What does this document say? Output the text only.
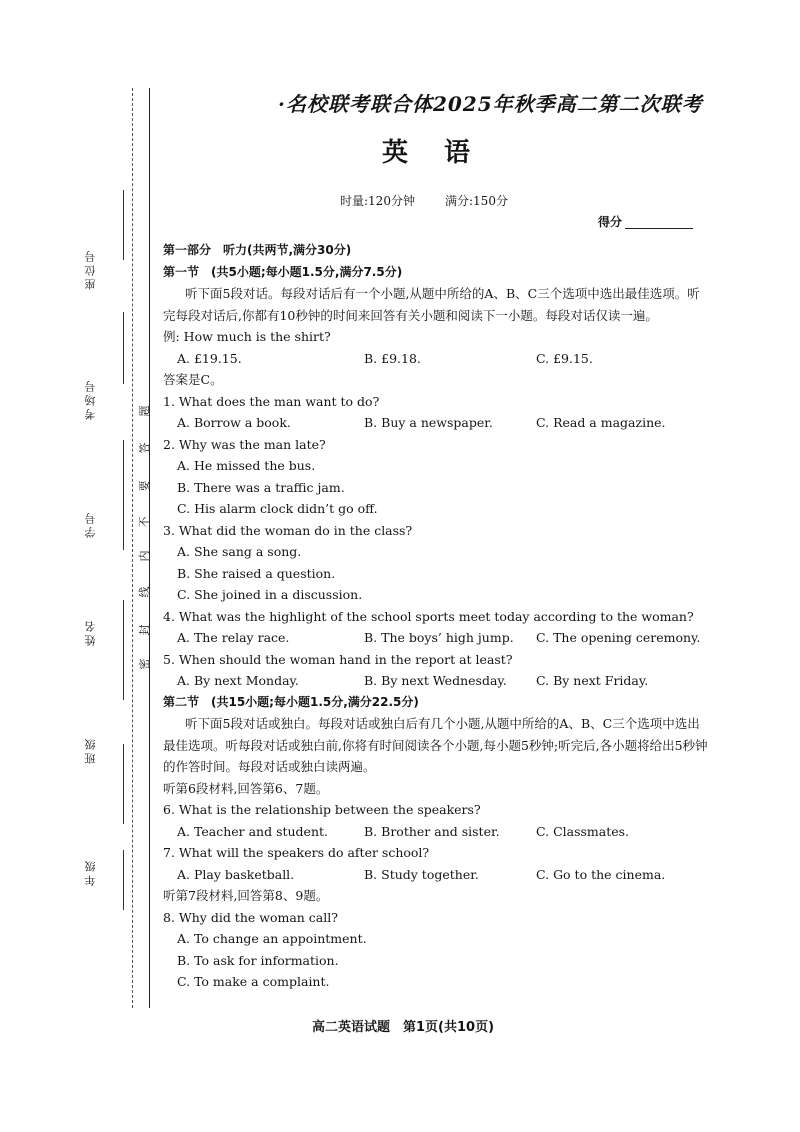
·名校联考联合体2025年秋季高二第二次联考
英语
时量:120分钟	满分:150分
得分
座位号
考场号
学号
姓名
班级
年级
题
答
要
不
内
线
封
密
第一部分　听力(共两节,满分30分)
第一节　(共5小题;每小题1.5分,满分7.5分)
听下面5段对话。每段对话后有一个小题,从题中所给的A、B、C三个选项中选出最佳选项。听完每段对话后,你都有10秒钟的时间来回答有关小题和阅读下一小题。每段对话仅读一遍。
例: How much is the shirt?
A. £19.15.	B. £9.18.	C. £9.15.
答案是C。
1. What does the man want to do?
A. Borrow a book.	B. Buy a newspaper.	C. Read a magazine.
2. Why was the man late?
A. He missed the bus.
B. There was a traffic jam.
C. His alarm clock didn’t go off.
3. What did the woman do in the class?
A. She sang a song.
B. She raised a question.
C. She joined in a discussion.
4. What was the highlight of the school sports meet today according to the woman?
A. The relay race.	B. The boys’ high jump.	C. The opening ceremony.
5. When should the woman hand in the report at least?
A. By next Monday.	B. By next Wednesday.	C. By next Friday.
第二节　(共15小题;每小题1.5分,满分22.5分)
听下面5段对话或独白。每段对话或独白后有几个小题,从题中所给的A、B、C三个选项中选出最佳选项。听每段对话或独白前,你将有时间阅读各个小题,每小题5秒钟;听完后,各小题将给出5秒钟的作答时间。每段对话或独白读两遍。
听第6段材料,回答第6、7题。
6. What is the relationship between the speakers?
A. Teacher and student.	B. Brother and sister.	C. Classmates.
7. What will the speakers do after school?
A. Play basketball.	B. Study together.	C. Go to the cinema.
听第7段材料,回答第8、9题。
8. Why did the woman call?
A. To change an appointment.
B. To ask for information.
C. To make a complaint.
高二英语试题　第1页(共10页)
